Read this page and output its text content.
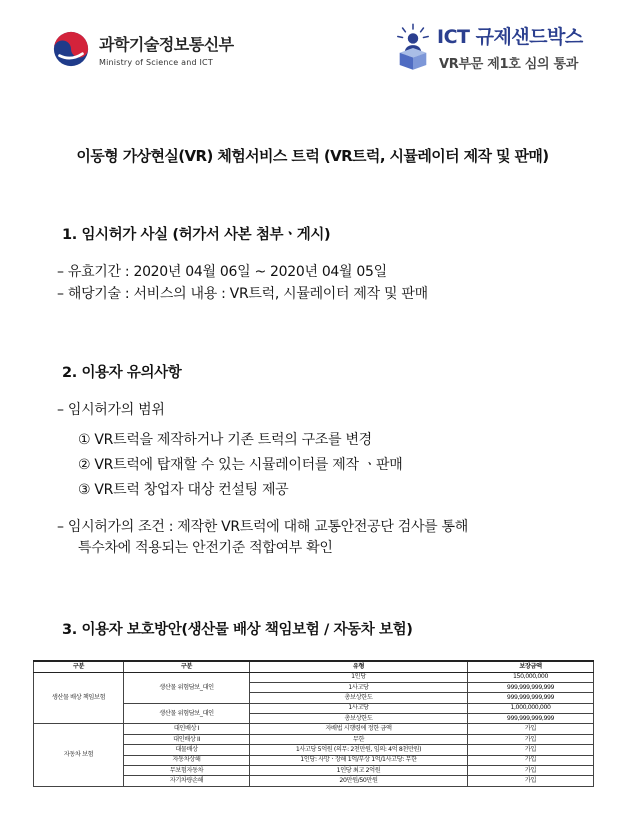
과학기술정보통신부
Ministry of Science and ICT
ICT 규제샌드박스
VR부문 제1호 심의 통과
이동형 가상현실(VR) 체험서비스 트럭 (VR트럭, 시뮬레이터 제작 및 판매)
1. 임시허가 사실 (허가서 사본 첨부ㆍ게시)
– 유효기간 : 2020년 04월 06일 ~ 2020년 04월 05일
– 해당기술 : 서비스의 내용 : VR트럭, 시뮬레이터 제작 및 판매
2. 이용자 유의사항
– 임시허가의 범위
① VR트럭을 제작하거나 기존 트럭의 구조를 변경
② VR트럭에 탑재할 수 있는 시뮬레이터를 제작 ㆍ판매
③ VR트럭 창업자 대상 컨설팅 제공
– 임시허가의 조건 : 제작한 VR트럭에 대해 교통안전공단 검사를 통해
특수차에 적용되는 안전기준 적합여부 확인
3. 이용자 보호방안(생산물 배상 책임보험 / 자동차 보험)
구분	구분	유형	보장금액
생산물 배상 책임보험	생산물 위험담보_대인	1인당	150,000,000
		1사고당	999,999,999,999
		총보상한도	999,999,999,999
	생산물 위험담보_대인	1사고당	1,000,000,000
		총보상한도	999,999,999,999
자동차 보험	대인배상 I	자배법 시행령에 정한 금액	가입
	대인배상 II	무한	가입
	대물배상	1사고당 5억원 (의무: 2천만원, 임의: 4억 8천만원)	가입
	자동차상해	1인당: 사망ㆍ장해 1억/부상 1억/1사고당: 무한	가입
	무보험자동차	1인당 최고 2억원	가입
	자기차량손해	20만원/50만원	가입
